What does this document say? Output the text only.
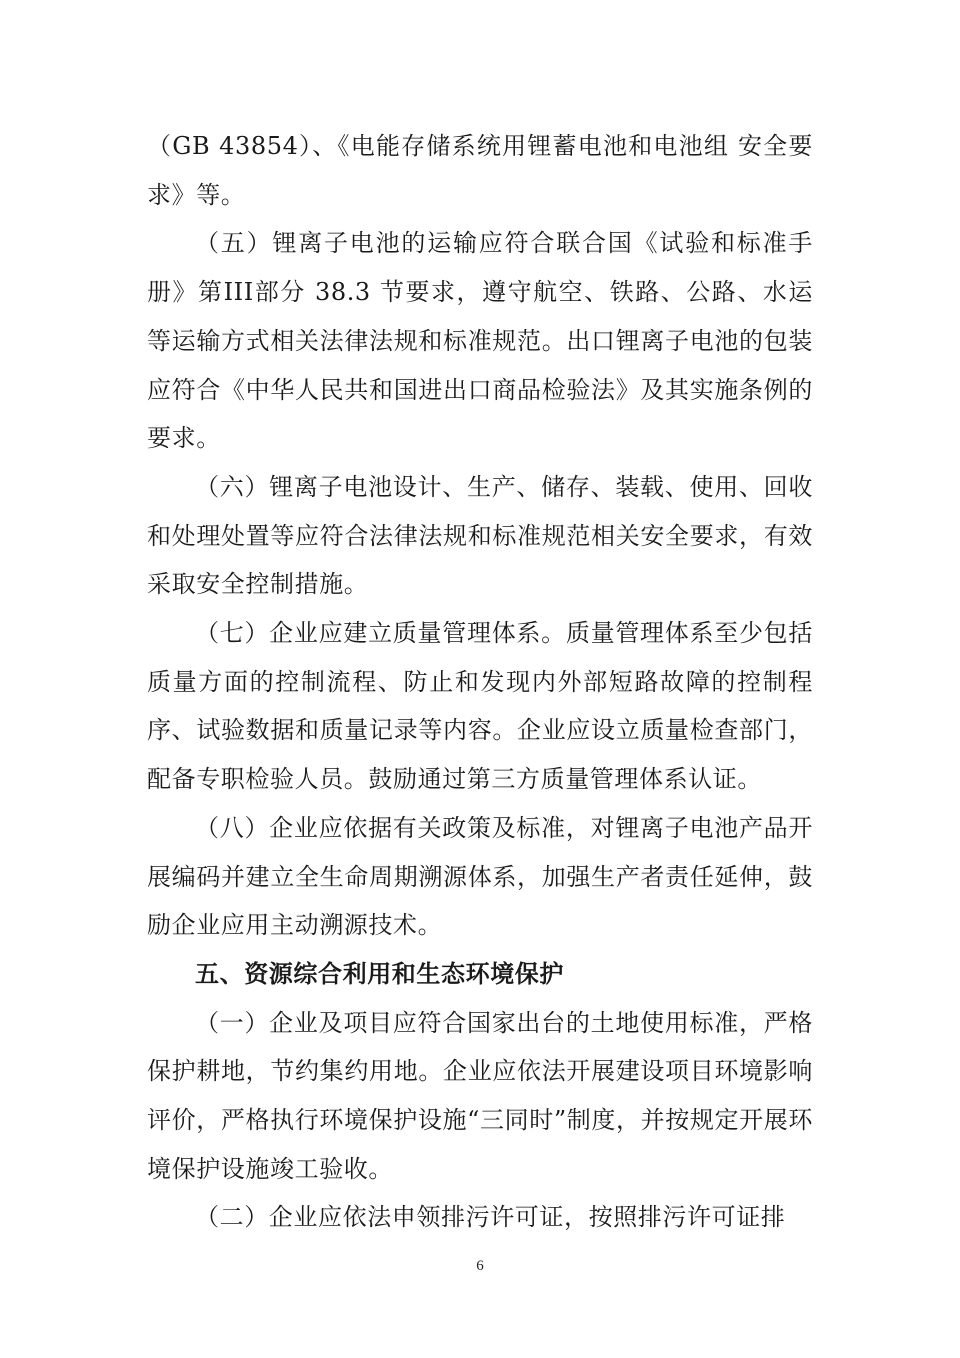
（GB 43854）、《电能存储系统用锂蓄电池和电池组 安全要求》等。

（五）锂离子电池的运输应符合联合国《试验和标准手册》第III部分 38.3 节要求，遵守航空、铁路、公路、水运等运输方式相关法律法规和标准规范。出口锂离子电池的包装应符合《中华人民共和国进出口商品检验法》及其实施条例的要求。

（六）锂离子电池设计、生产、储存、装载、使用、回收和处理处置等应符合法律法规和标准规范相关安全要求，有效采取安全控制措施。

（七）企业应建立质量管理体系。质量管理体系至少包括质量方面的控制流程、防止和发现内外部短路故障的控制程序、试验数据和质量记录等内容。企业应设立质量检查部门，配备专职检验人员。鼓励通过第三方质量管理体系认证。

（八）企业应依据有关政策及标准，对锂离子电池产品开展编码并建立全生命周期溯源体系，加强生产者责任延伸，鼓励企业应用主动溯源技术。

五、资源综合利用和生态环境保护

（一）企业及项目应符合国家出台的土地使用标准，严格保护耕地，节约集约用地。企业应依法开展建设项目环境影响评价，严格执行环境保护设施“三同时”制度，并按规定开展环境保护设施竣工验收。

（二）企业应依法申领排污许可证，按照排污许可证排

6
